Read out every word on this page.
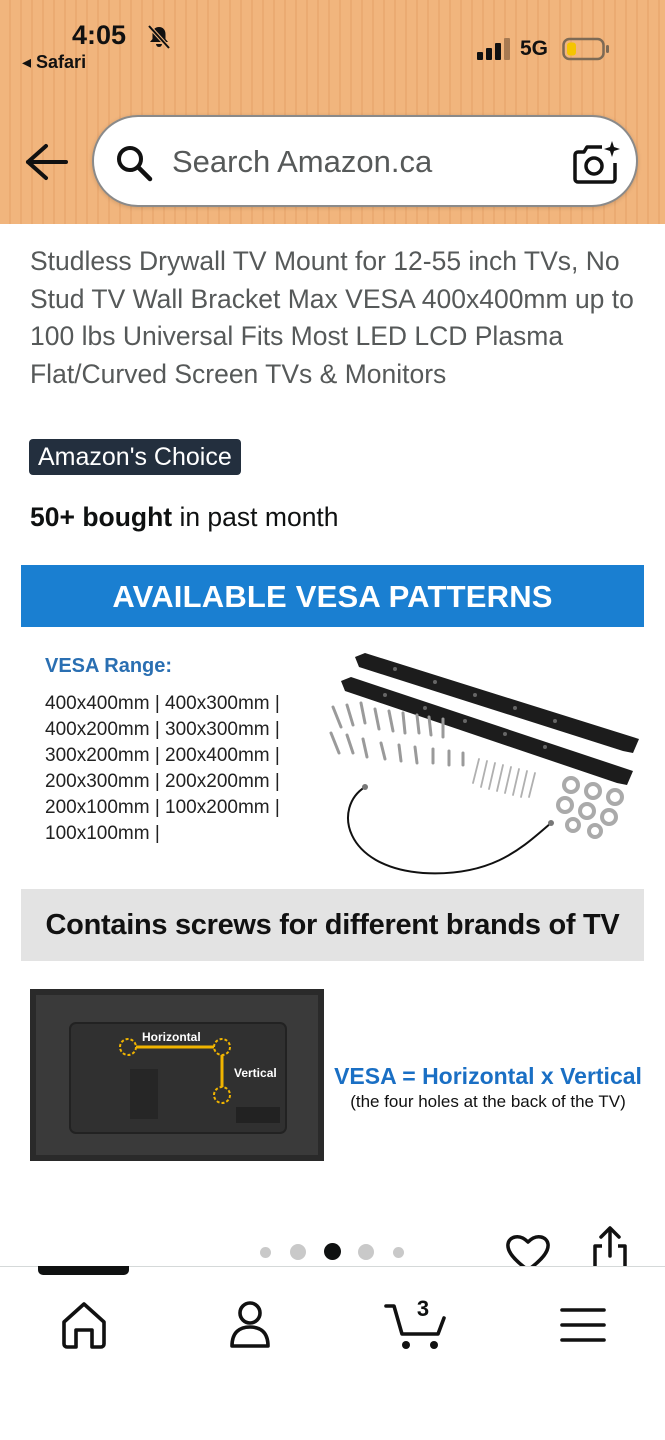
4:05
◂ Safari
5G
Search Amazon.ca
Studless Drywall TV Mount for 12-55 inch TVs, No Stud TV Wall Bracket Max VESA 400x400mm up to 100 lbs Universal Fits Most LED LCD Plasma Flat/Curved Screen TVs & Monitors
Amazon's Choice
50+ bought in past month
AVAILABLE VESA PATTERNS
VESA Range:
400x400mm | 400x300mm |
400x200mm | 300x300mm |
300x200mm | 200x400mm |
200x300mm | 200x200mm |
200x100mm | 100x200mm |
100x100mm |
Contains screws for different brands of TV
Horizontal
Vertical VESA = Horizontal x Vertical
(the four holes at the back of the TV)
3
